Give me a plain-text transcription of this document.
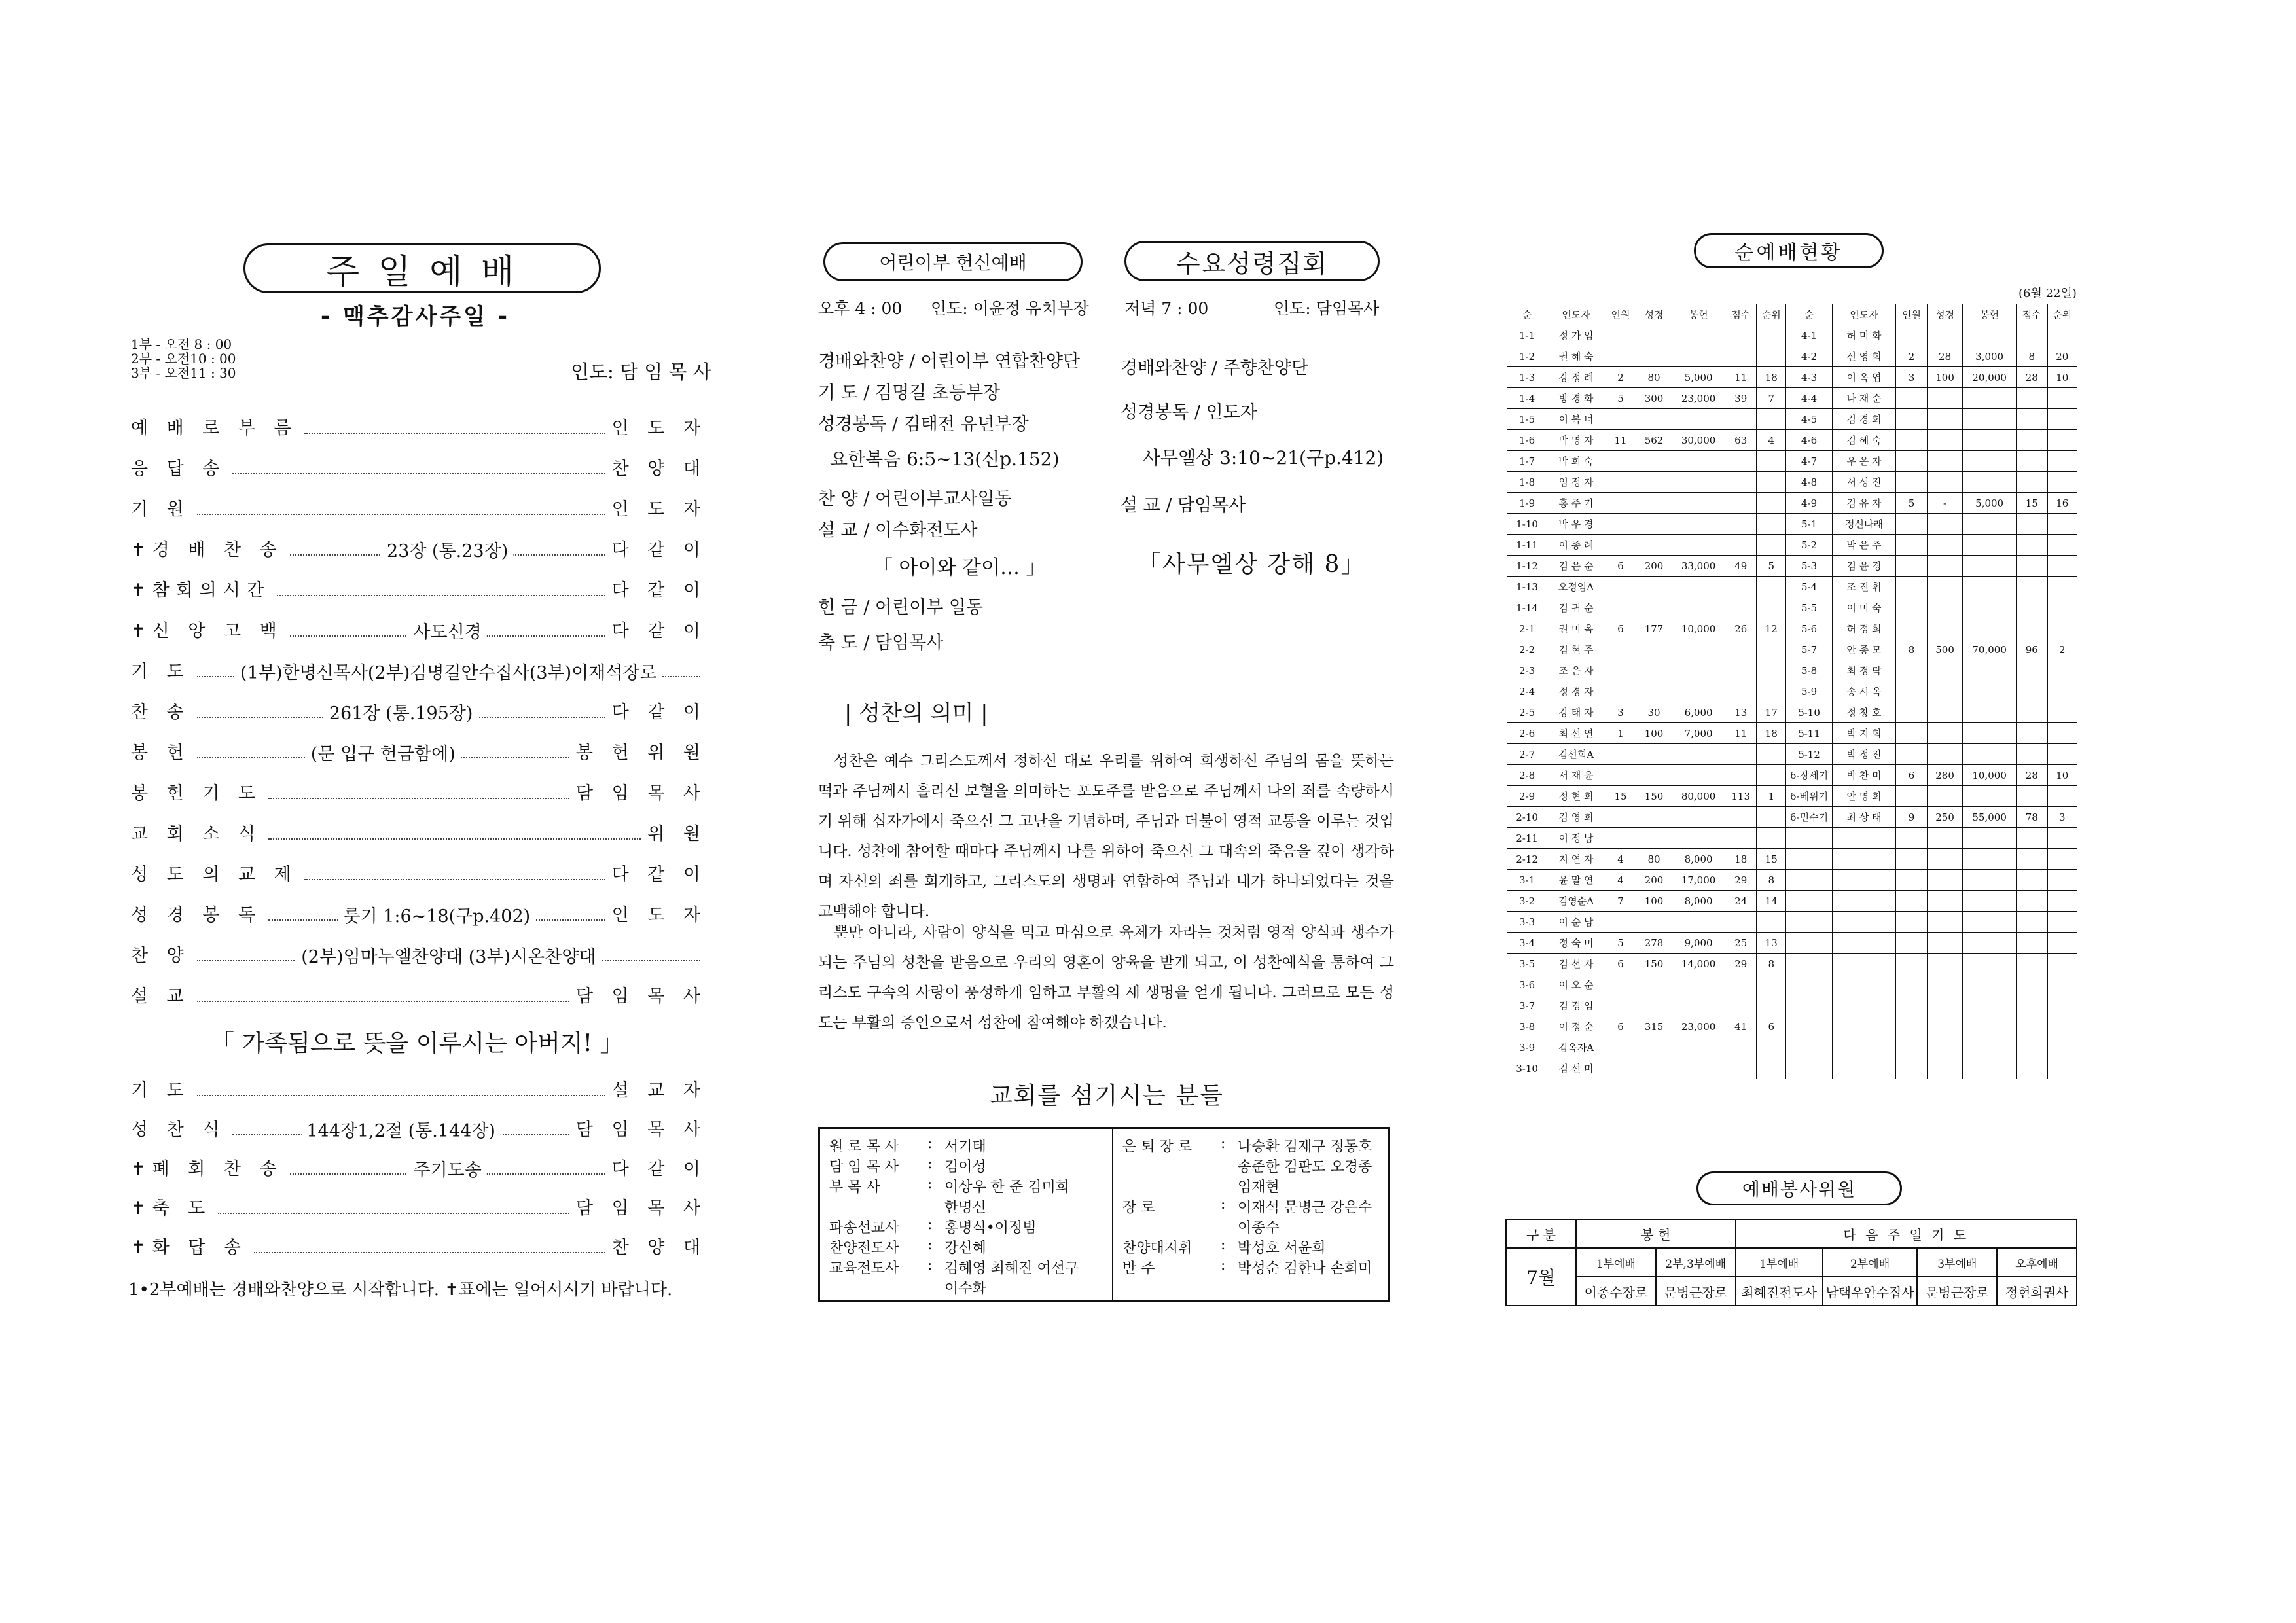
주 일 예 배
- 맥추감사주일 -
1부 - 오전 8 : 00
2부 - 오전10 : 00
3부 - 오전11 : 30	인도: 담 임 목 사
예 배 로 부 름	인 도 자
응 답 송	찬 양 대
기 원	인 도 자
✝경 배 찬 송	23장 (통.23장)	다 같 이
✝참회의시간	다 같 이
✝신 앙 고 백	사도신경	다 같 이
기 도	(1부)한명신목사(2부)김명길안수집사(3부)이재석장로
찬 송	261장 (통.195장)	다 같 이
봉 헌	(문 입구 헌금함에)	봉 헌 위 원
봉 헌 기 도	담 임 목 사
교 회 소 식	위 원
성 도 의 교 제	다 같 이
성 경 봉 독	룻기 1:6~18(구p.402)	인 도 자
찬 양	(2부)임마누엘찬양대 (3부)시온찬양대
설 교	담 임 목 사
「 가족됨으로 뜻을 이루시는 아버지! 」
기 도	설 교 자
성 찬 식	144장1,2절 (통.144장)	담 임 목 사
✝폐 회 찬 송	주기도송	다 같 이
✝축 도	담 임 목 사
✝화 답 송	찬 양 대
1•2부예배는 경배와찬양으로 시작합니다. ✝표에는 일어서시기 바랍니다.
어린이부 헌신예배	수요성령집회
오후 4 : 00 인도: 이윤정 유치부장
경배와찬양 / 어린이부 연합찬양단
기 도 / 김명길 초등부장
성경봉독 / 김태전 유년부장
요한복음 6:5~13(신p.152)
찬 양 / 어린이부교사일동
설 교 / 이수화전도사
「 아이와 같이… 」
헌 금 / 어린이부 일동
축 도 / 담임목사
저녁 7 : 00	인도: 담임목사
경배와찬양 / 주향찬양단
성경봉독 / 인도자
사무엘상 3:10~21(구p.412)
설 교 / 담임목사
「사무엘상 강해 8」
| 성찬의 의미 |
성찬은 예수 그리스도께서 정하신 대로 우리를 위하여 희생하신 주님의 몸을 뜻하는 떡과 주님께서 흘리신 보혈을 의미하는 포도주를 받음으로 주님께서 나의 죄를 속량하시기 위해 십자가에서 죽으신 그 고난을 기념하며, 주님과 더불어 영적 교통을 이루는 것입니다. 성찬에 참여할 때마다 주님께서 나를 위하여 죽으신 그 대속의 죽음을 깊이 생각하며 자신의 죄를 회개하고, 그리스도의 생명과 연합하여 주님과 내가 하나되었다는 것을 고백해야 합니다.
뿐만 아니라, 사람이 양식을 먹고 마심으로 육체가 자라는 것처럼 영적 양식과 생수가 되는 주님의 성찬을 받음으로 우리의 영혼이 양육을 받게 되고, 이 성찬예식을 통하여 그리스도 구속의 사랑이 풍성하게 임하고 부활의 새 생명을 얻게 됩니다. 그러므로 모든 성도는 부활의 증인으로서 성찬에 참여해야 하겠습니다.
교회를 섬기시는 분들
원 로 목 사	: 서기태
담 임 목 사	: 김이성
부 목 사	: 이상우 한 준 김미희
한명신
파송선교사	: 홍병식•이정범
찬양전도사	: 강신혜
교육전도사	: 김혜영 최혜진 여선구
이수화
은 퇴 장 로	: 나승환 김재구 정동호
송준한 김판도 오경종
임재현
장 로	: 이재석 문병근 강은수
이종수
찬양대지휘	: 박성호 서윤희
반 주	: 박성순 김한나 손희미
순예배현황
(6월 22일)
순	인도자	인원	성경	봉헌	점수	순위	순	인도자	인원	성경	봉헌	점수	순위
1-1	정 가 임						4-1	허 미 화					
1-2	권 혜 숙						4-2	신 영 희	2	28	3,000	8	20
1-3	강 정 례	2	80	5,000	11	18	4-3	이 옥 엽	3	100	20,000	28	10
1-4	방 경 화	5	300	23,000	39	7	4-4	나 재 순					
1-5	이 복 녀						4-5	김 경 희					
1-6	박 명 자	11	562	30,000	63	4	4-6	김 혜 숙					
1-7	박 희 숙						4-7	우 은 자					
1-8	임 정 자						4-8	서 성 진					
1-9	홍 주 기						4-9	김 유 자	5	-	5,000	15	16
1-10	박 우 경						5-1	정신나래					
1-11	이 종 례						5-2	박 은 주					
1-12	김 은 순	6	200	33,000	49	5	5-3	김 윤 경					
1-13	오정임A						5-4	조 진 휘					
1-14	김 귀 순						5-5	이 미 숙					
2-1	권 미 옥	6	177	10,000	26	12	5-6	허 정 희					
2-2	김 현 주						5-7	안 종 모	8	500	70,000	96	2
2-3	조 은 자						5-8	최 경 탁					
2-4	정 경 자						5-9	송 시 옥					
2-5	강 태 자	3	30	6,000	13	17	5-10	정 창 호					
2-6	최 선 연	1	100	7,000	11	18	5-11	박 지 희					
2-7	김선희A						5-12	박 정 진					
2-8	서 재 윤						6-장세기	박 찬 미	6	280	10,000	28	10
2-9	정 현 희	15	150	80,000	113	1	6-베위기	안 명 희					
2-10	김 영 희						6-민수기	최 상 태	9	250	55,000	78	3
2-11	이 정 남												
2-12	지 연 자	4	80	8,000	18	15							
3-1	윤 말 연	4	200	17,000	29	8							
3-2	김영순A	7	100	8,000	24	14							
3-3	이 순 남												
3-4	정 숙 미	5	278	9,000	25	13							
3-5	김 선 자	6	150	14,000	29	8							
3-6	이 오 순												
3-7	김 경 임												
3-8	이 정 순	6	315	23,000	41	6							
3-9	김옥자A												
3-10	김 선 미												
예배봉사위원
구 분	봉 헌		다 음 주 일 기 도			
7월	1부예배	2부,3부예배	1부예배	2부예배	3부예배	오후예배
	이종수장로	문병근장로	최혜진전도사	남택우안수집사	문병근장로	정현희권사
